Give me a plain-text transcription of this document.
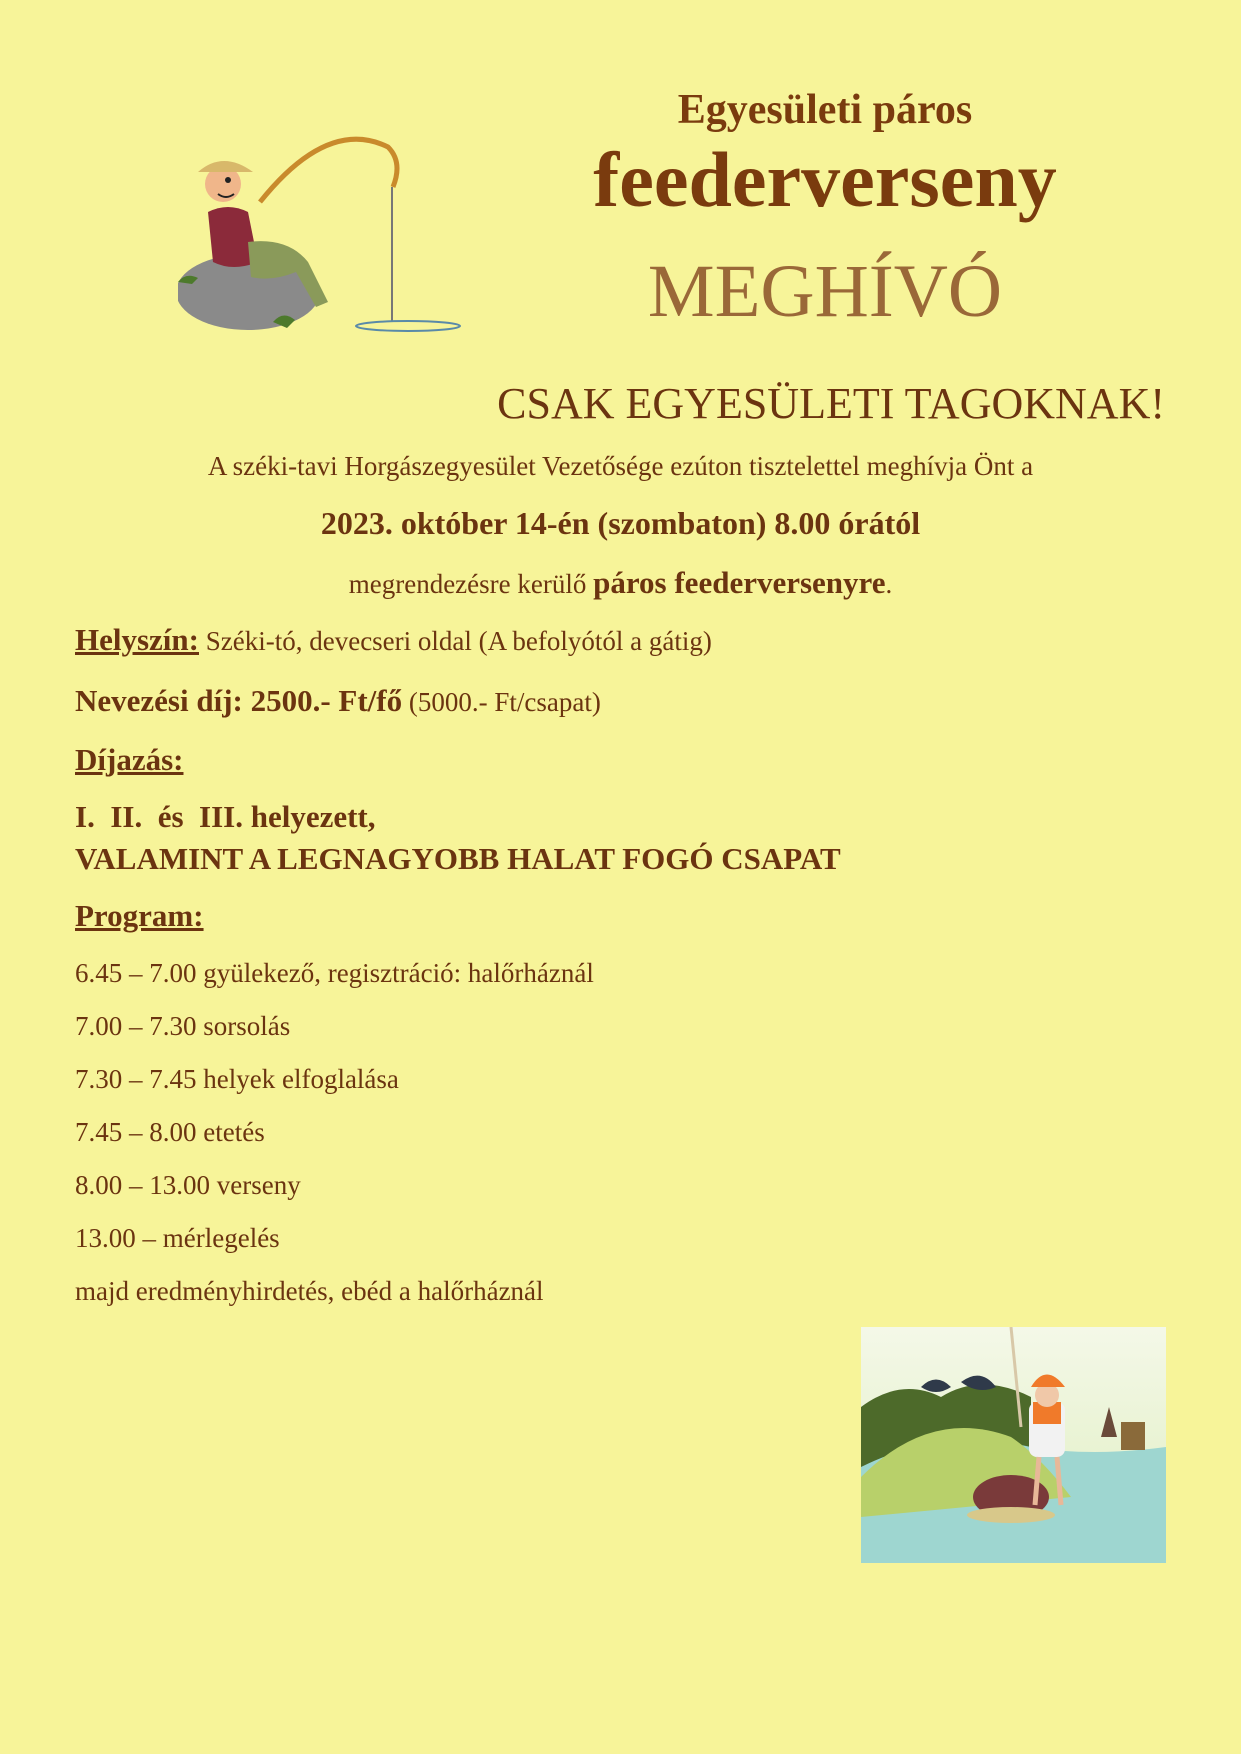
Egyesületi páros
feederverseny
MEGHÍVÓ
CSAK EGYESÜLETI TAGOKNAK!
A széki-tavi Horgászegyesület Vezetősége ezúton tisztelettel meghívja Önt a
2023. október 14-én (szombaton) 8.00 órától
megrendezésre kerülő páros feederversenyre.
Helyszín: Széki-tó, devecseri oldal (A befolyótól a gátig)
Nevezési díj: 2500.- Ft/fő (5000.- Ft/csapat)
Díjazás:
I.  II.  és  III. helyezett,
VALAMINT A LEGNAGYOBB HALAT FOGÓ CSAPAT
Program:
6.45 – 7.00 gyülekező, regisztráció: halőrháznál
7.00 – 7.30 sorsolás
7.30 – 7.45 helyek elfoglalása
7.45 – 8.00 etetés
8.00 – 13.00 verseny
13.00 – mérlegelés
majd eredményhirdetés, ebéd a halőrháznál
